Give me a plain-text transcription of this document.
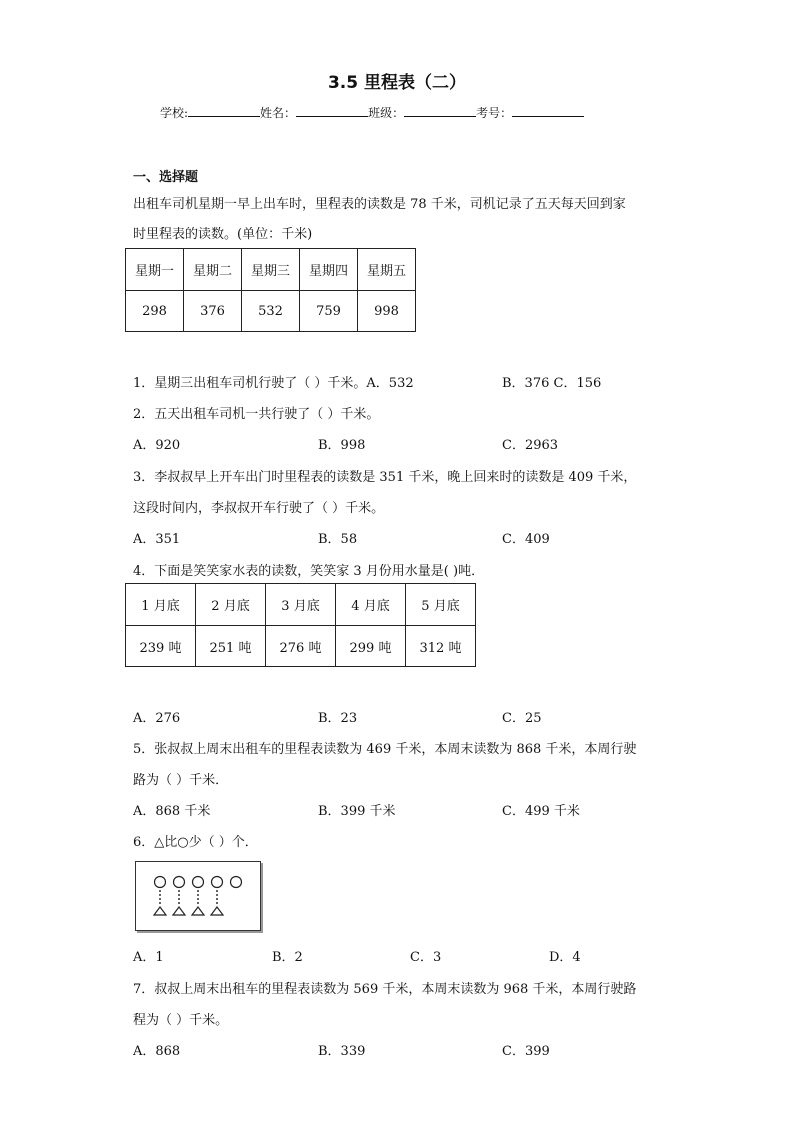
3.5 里程表（二）
学校:	姓名：	班级：	考号：
一、选择题
出租车司机星期一早上出车时，里程表的读数是 78 千米，司机记录了五天每天回到家
时里程表的读数。(单位：千米)
星期一	星期二	星期三	星期四	星期五
298	376	532	759	998
1．星期三出租车司机行驶了（ ）千米。A．532	B．376 C．156
2．五天出租车司机一共行驶了（ ）千米。
A．920	B．998	C．2963
3．李叔叔早上开车出门时里程表的读数是 351 千米，晚上回来时的读数是 409 千米，
这段时间内，李叔叔开车行驶了（ ）千米。
A．351	B．58	C．409
4．下面是笑笑家水表的读数，笑笑家 3 月份用水量是( )吨．
1 月底	2 月底	3 月底	4 月底	5 月底
239 吨	251 吨	276 吨	299 吨	312 吨
A．276	B．23	C．25
5．张叔叔上周末出租车的里程表读数为 469 千米，本周末读数为 868 千米，本周行驶
路为（ ）千米．
A．868 千米	B．399 千米	C．499 千米
6．△比○少（ ）个．
A．1	B．2	C．3	D．4
7．叔叔上周末出租车的里程表读数为 569 千米，本周末读数为 968 千米，本周行驶路
程为（ ）千米。
A．868	B．339	C．399
